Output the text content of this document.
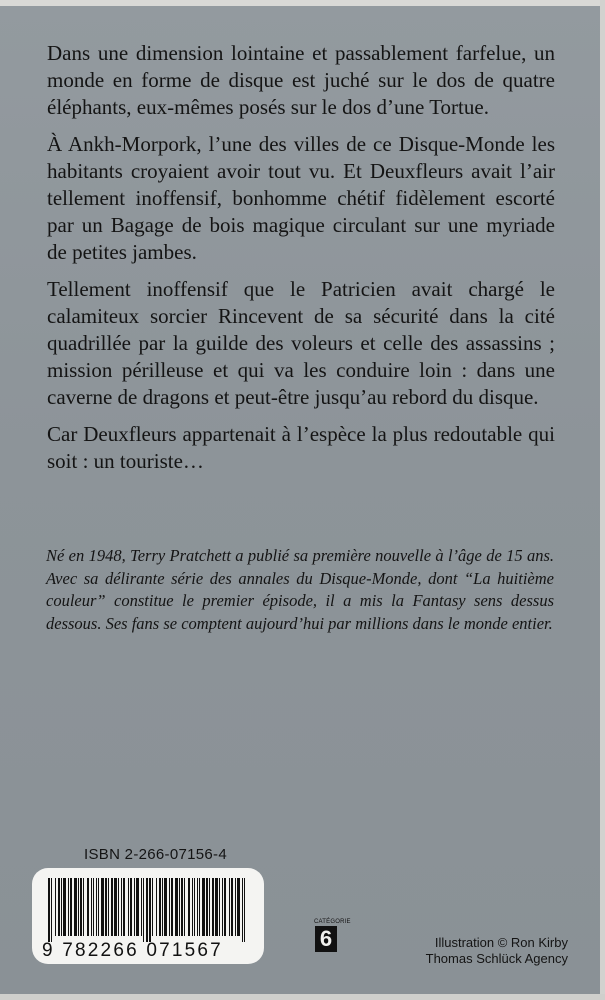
Dans une dimension lointaine et passablement farfelue, un monde en forme de disque est juché sur le dos de quatre éléphants, eux-mêmes posés sur le dos d’une Tortue.

À Ankh-Morpork, l’une des villes de ce Disque-Monde les habitants croyaient avoir tout vu. Et Deuxfleurs avait l’air tellement inoffensif, bonhomme chétif fidèlement escorté par un Bagage de bois magique circulant sur une myriade de petites jambes.

Tellement inoffensif que le Patricien avait chargé le calamiteux sorcier Rincevent de sa sécurité dans la cité quadrillée par la guilde des voleurs et celle des assassins ; mission périlleuse et qui va les conduire loin : dans une caverne de dragons et peut-être jusqu’au rebord du disque.

Car Deuxfleurs appartenait à l’espèce la plus redoutable qui soit : un touriste…

Né en 1948, Terry Pratchett a publié sa première nouvelle à l’âge de 15 ans. Avec sa délirante série des annales du Disque-Monde, dont “La huitième couleur” constitue le premier épisode, il a mis la Fantasy sens dessus dessous. Ses fans se comptent aujourd’hui par millions dans le monde entier.
ISBN 2-266-07156-4
9 782266 071567
CATÉGORIE
6	Illustration © Ron Kirby
Thomas Schlück Agency
